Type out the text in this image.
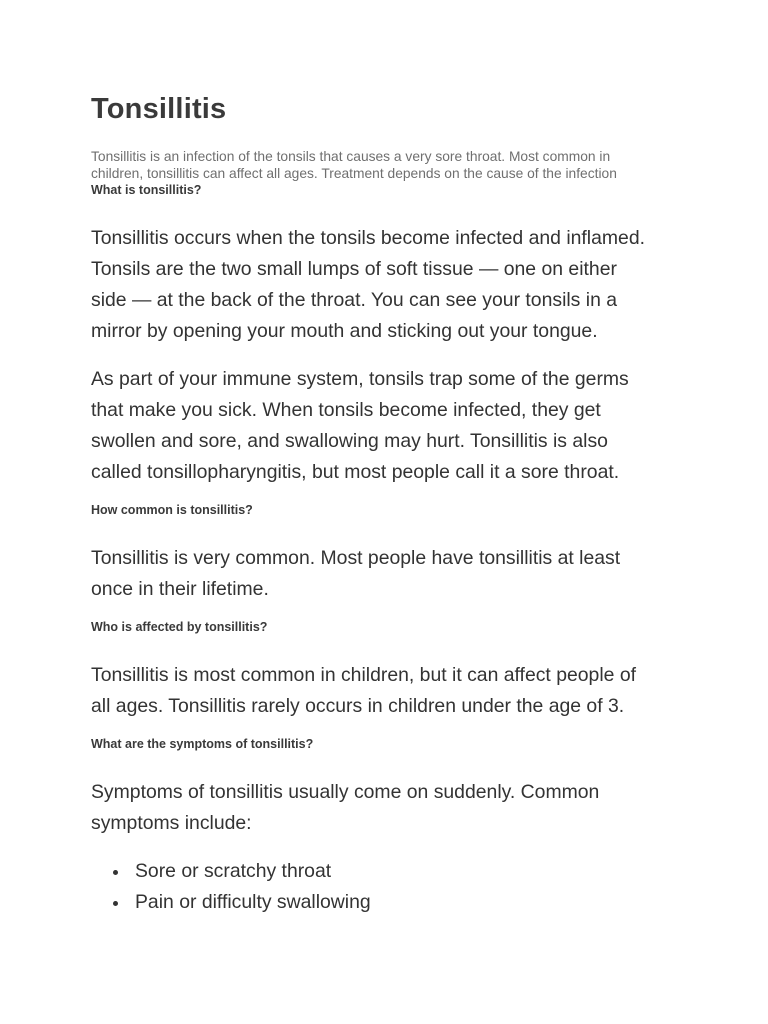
Tonsillitis

Tonsillitis is an infection of the tonsils that causes a very sore throat. Most common in

children, tonsillitis can affect all ages. Treatment depends on the cause of the infection

What is tonsillitis?
Tonsillitis occurs when the tonsils become infected and inflamed.
Tonsils are the two small lumps of soft tissue — one on either
side — at the back of the throat. You can see your tonsils in a
mirror by opening your mouth and sticking out your tongue.
As part of your immune system, tonsils trap some of the germs
that make you sick. When tonsils become infected, they get
swollen and sore, and swallowing may hurt. Tonsillitis is also
called tonsillopharyngitis, but most people call it a sore throat.
How common is tonsillitis?
Tonsillitis is very common. Most people have tonsillitis at least
once in their lifetime.
Who is affected by tonsillitis?
Tonsillitis is most common in children, but it can affect people of
all ages. Tonsillitis rarely occurs in children under the age of 3.
What are the symptoms of tonsillitis?
Symptoms of tonsillitis usually come on suddenly. Common
symptoms include:
Sore or scratchy throat
Pain or difficulty swallowing
